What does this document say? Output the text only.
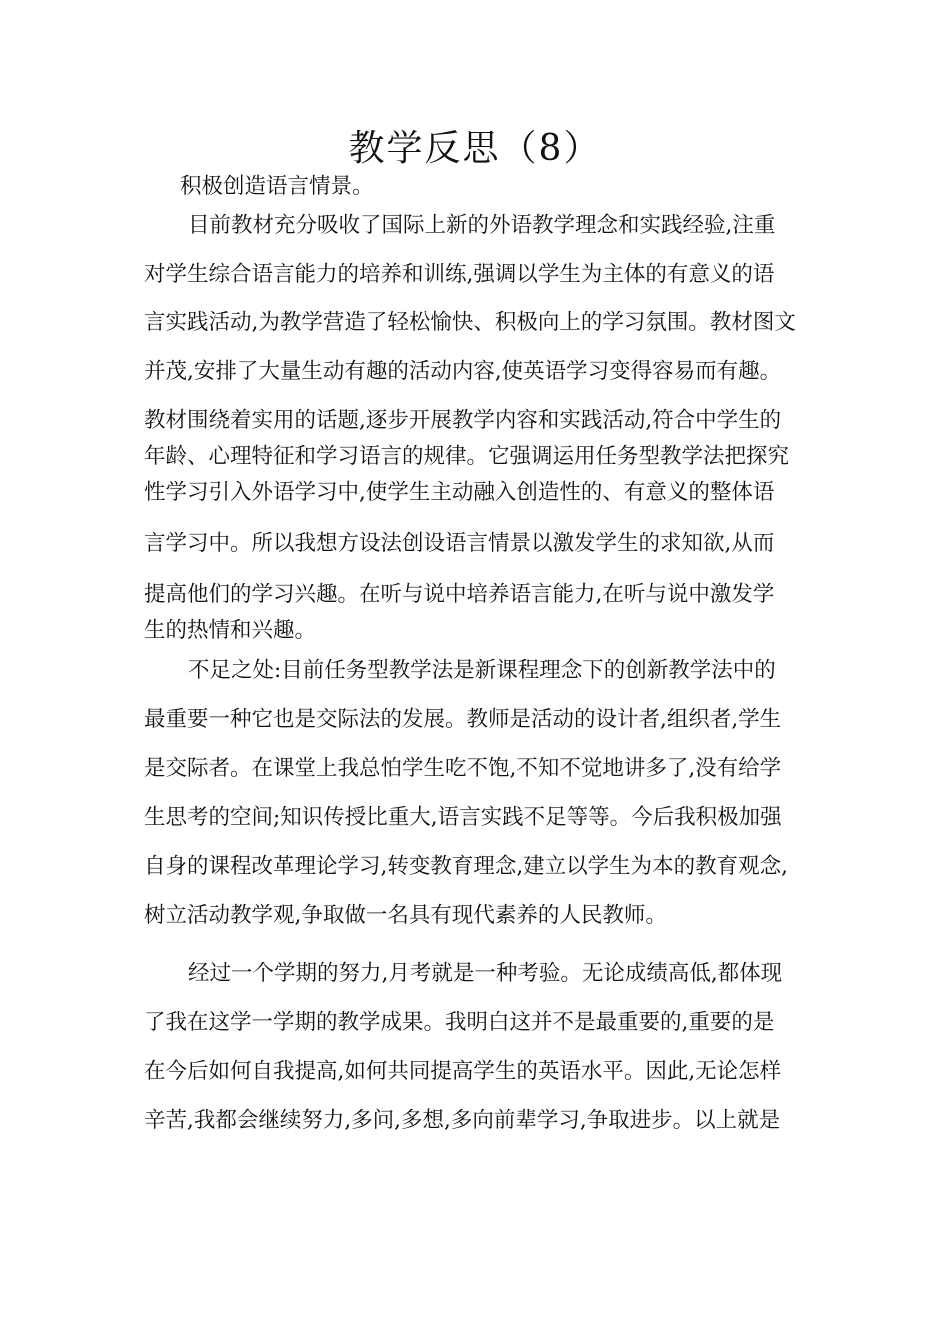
教学反思（8）
积极创造语言情景。
目前教材充分吸收了国际上新的外语教学理念和实践经验,注重
对学生综合语言能力的培养和训练,强调以学生为主体的有意义的语
言实践活动,为教学营造了轻松愉快、积极向上的学习氛围。教材图文
并茂,安排了大量生动有趣的活动内容,使英语学习变得容易而有趣。
教材围绕着实用的话题,逐步开展教学内容和实践活动,符合中学生的
年龄、心理特征和学习语言的规律。它强调运用任务型教学法把探究
性学习引入外语学习中,使学生主动融入创造性的、有意义的整体语
言学习中。所以我想方设法创设语言情景以激发学生的求知欲,从而
提高他们的学习兴趣。在听与说中培养语言能力,在听与说中激发学
生的热情和兴趣。
不足之处:目前任务型教学法是新课程理念下的创新教学法中的
最重要一种它也是交际法的发展。教师是活动的设计者,组织者,学生
是交际者。在课堂上我总怕学生吃不饱,不知不觉地讲多了,没有给学
生思考的空间;知识传授比重大,语言实践不足等等。今后我积极加强
自身的课程改革理论学习,转变教育理念,建立以学生为本的教育观念,
树立活动教学观,争取做一名具有现代素养的人民教师。
经过一个学期的努力,月考就是一种考验。无论成绩高低,都体现
了我在这学一学期的教学成果。我明白这并不是最重要的,重要的是
在今后如何自我提高,如何共同提高学生的英语水平。因此,无论怎样
辛苦,我都会继续努力,多问,多想,多向前辈学习,争取进步。以上就是
